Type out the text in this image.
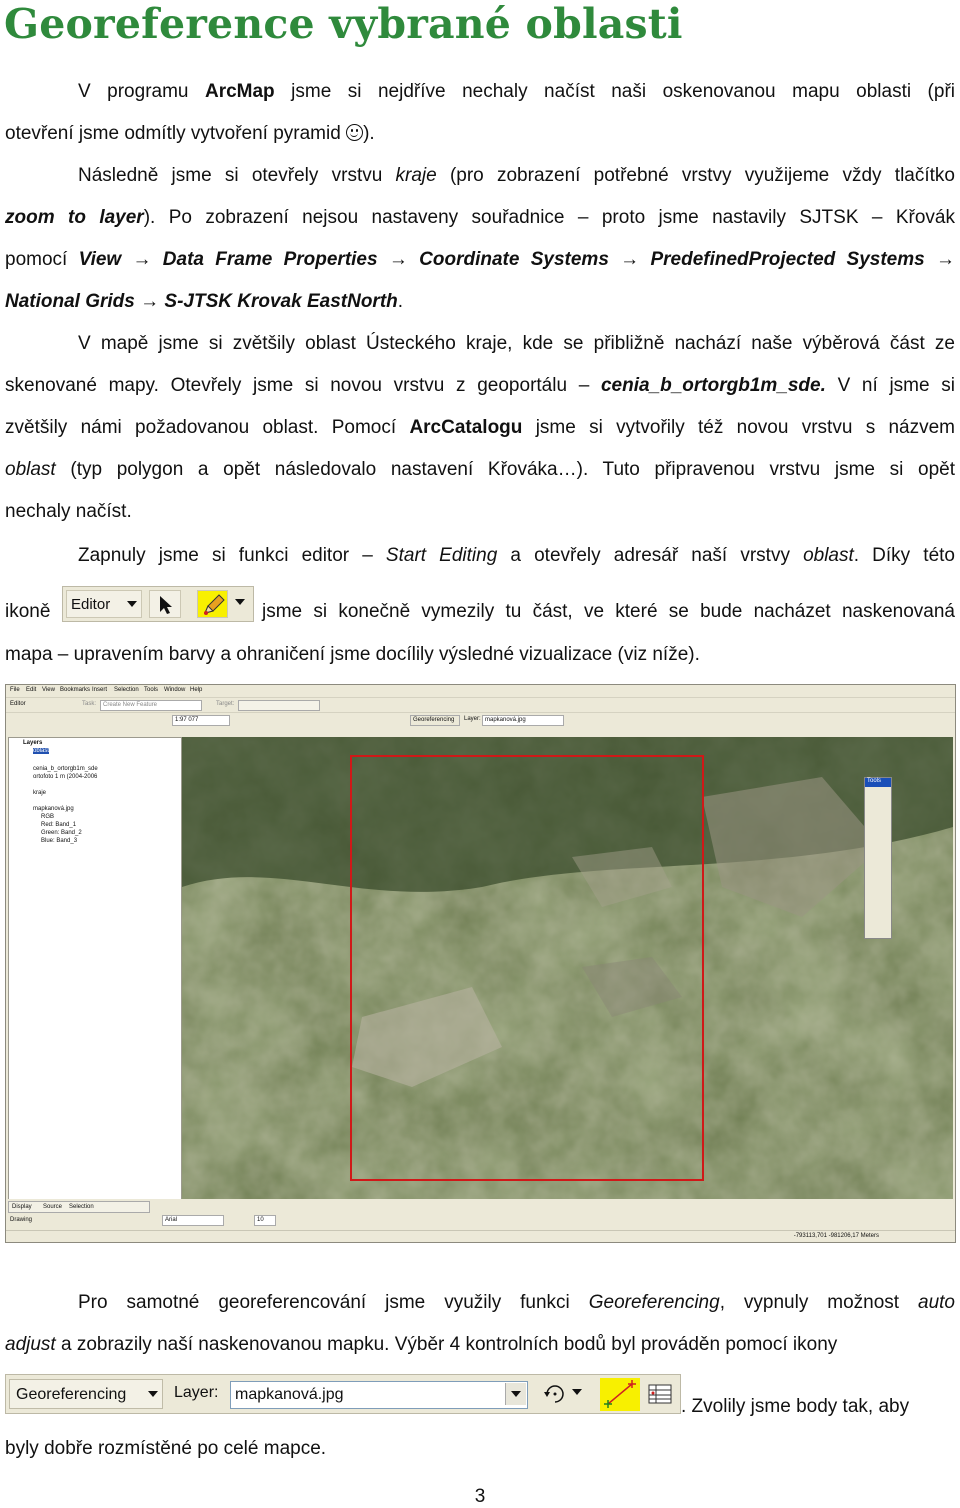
Georeference vybrané oblasti
V programu ArcMap jsme si nejdříve nechaly načíst naši oskenovanou mapu oblasti (při
otevření jsme odmítly vytvoření pyramid
).
Následně jsme si otevřely vrstvu kraje (pro zobrazení potřebné vrstvy využijeme vždy tlačítko
zoom to layer). Po zobrazení nejsou nastaveny souřadnice – proto jsme nastavily SJTSK – Křovák
pomocí View → Data Frame Properties → Coordinate Systems → PredefinedProjected Systems →
National Grids → S-JTSK Krovak EastNorth.
V mapě jsme si zvětšily oblast Ústeckého kraje, kde se přibližně nachází naše výběrová část ze
skenované mapy. Otevřely jsme si novou vrstvu z geoportálu – cenia_b_ortorgb1m_sde. V ní jsme si
zvětšily námi požadovanou oblast. Pomocí ArcCatalogu jsme si vytvořily též novou vrstvu s názvem
oblast (typ polygon a opět následovalo nastavení Křováka…). Tuto připravenou vrstvu jsme si opět
nechaly načíst.
Zapnuly jsme si funkci editor – Start Editing a otevřely adresář naší vrstvy oblast. Díky této
ikoně	jsme si konečně vymezily tu část, ve které se bude nacházet naskenovaná
mapa – upravením barvy a ohraničení jsme docílily výsledné vizualizace (viz níže).
Editor
File Edit View Bookmarks Insert Selection Tools Window Help
Editor	Task: Create New Feature	Target:
1:97 077	Georeferencing Layer: mapkanová.jpg
Layers
oblast
cenia_b_ortorgb1m_sde
ortofoto 1 m (2004-2006
kraje
mapkanová.jpg
RGB
Red: Band_1
Green: Band_2
Blue: Band_3
Tools
Display Source Selection
Drawing	Arial	10
-793113,701 -981206,17 Meters
Pro samotné georeferencování jsme využily funkci Georeferencing, vypnuly možnost auto
adjust a zobrazily naší naskenovanou mapku. Výběr 4 kontrolních bodů byl prováděn pomocí ikony
Georeferencing	Layer: mapkanová.jpg
. Zvolily jsme body tak, aby
byly dobře rozmístěné po celé mapce.
3
